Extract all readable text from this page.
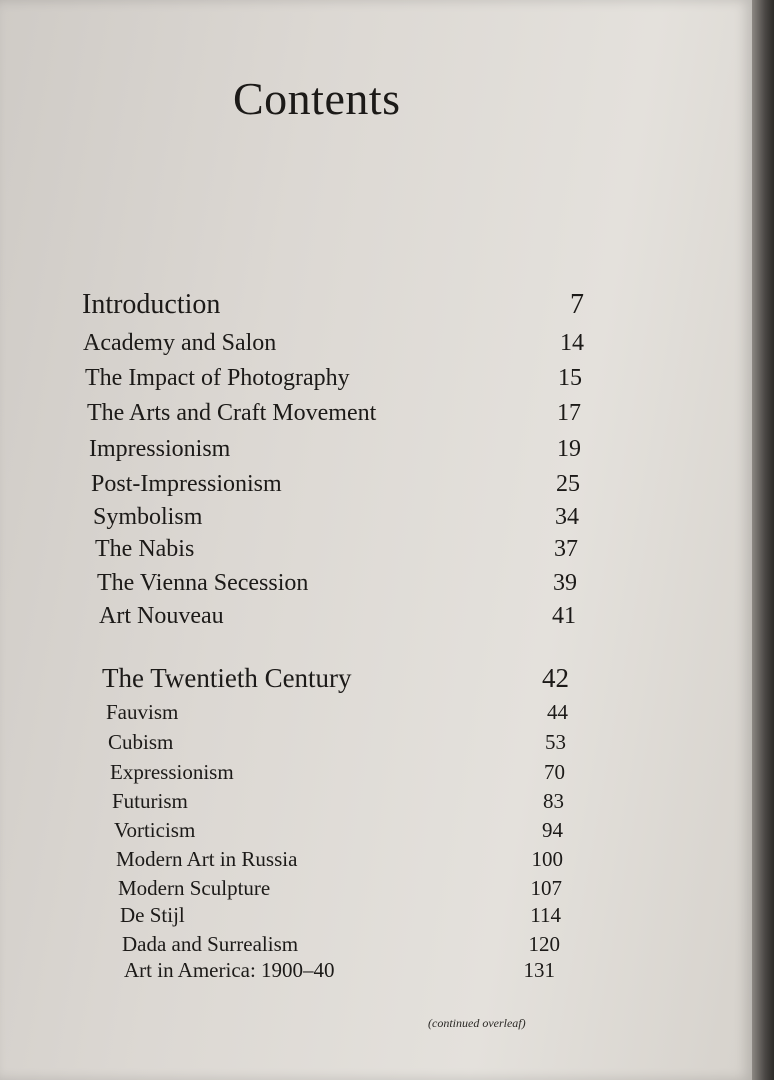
Contents
Introduction	7
Academy and Salon	14
The Impact of Photography	15
The Arts and Craft Movement	17
Impressionism	19
Post-Impressionism	25
Symbolism	34
The Nabis	37
The Vienna Secession	39
Art Nouveau	41
The Twentieth Century	42
Fauvism	44
Cubism	53
Expressionism	70
Futurism	83
Vorticism	94
Modern Art in Russia	100
Modern Sculpture	107
De Stijl	114
Dada and Surrealism	120
Art in America: 1900–40	131
(continued overleaf)
